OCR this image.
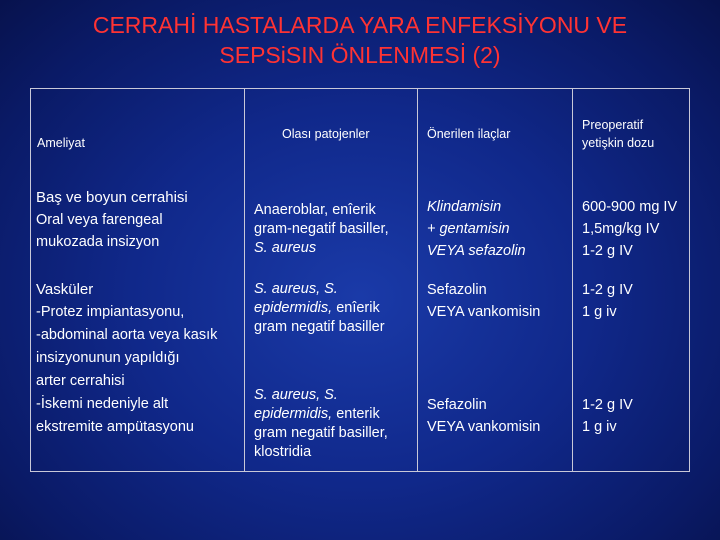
CERRAHİ HASTALARDA YARA ENFEKSİYONU VE
SEPSiSIN ÖNLENMESİ (2)
Ameliyat
Olası patojenler	Önerilen ilaçlar
Preoperatif
yetişkin dozu
Baş ve boyun cerrahisi
Oral veya farengeal
mukozada insizyon
Anaeroblar, enîerik
gram-negatif basiller,
S. aureus
Klindamisin
+ gentamisin
VEYA sefazolin
600-900 mg IV
1,5mg/kg IV
1-2 g IV
Vasküler
-Protez impiantasyonu,
-abdominal aorta veya kasık
insizyonunun yapıldığı
arter cerrahisi
-İskemi nedeniyle alt
ekstremite ampütasyonu
S. aureus, S.
epidermidis, enîerik
gram negatif basiller
S. aureus, S.
epidermidis, enterik
gram negatif basiller,
klostridia
Sefazolin
VEYA vankomisin
Sefazolin
VEYA vankomisin
1-2 g IV
1 g iv
1-2 g IV
1 g iv
